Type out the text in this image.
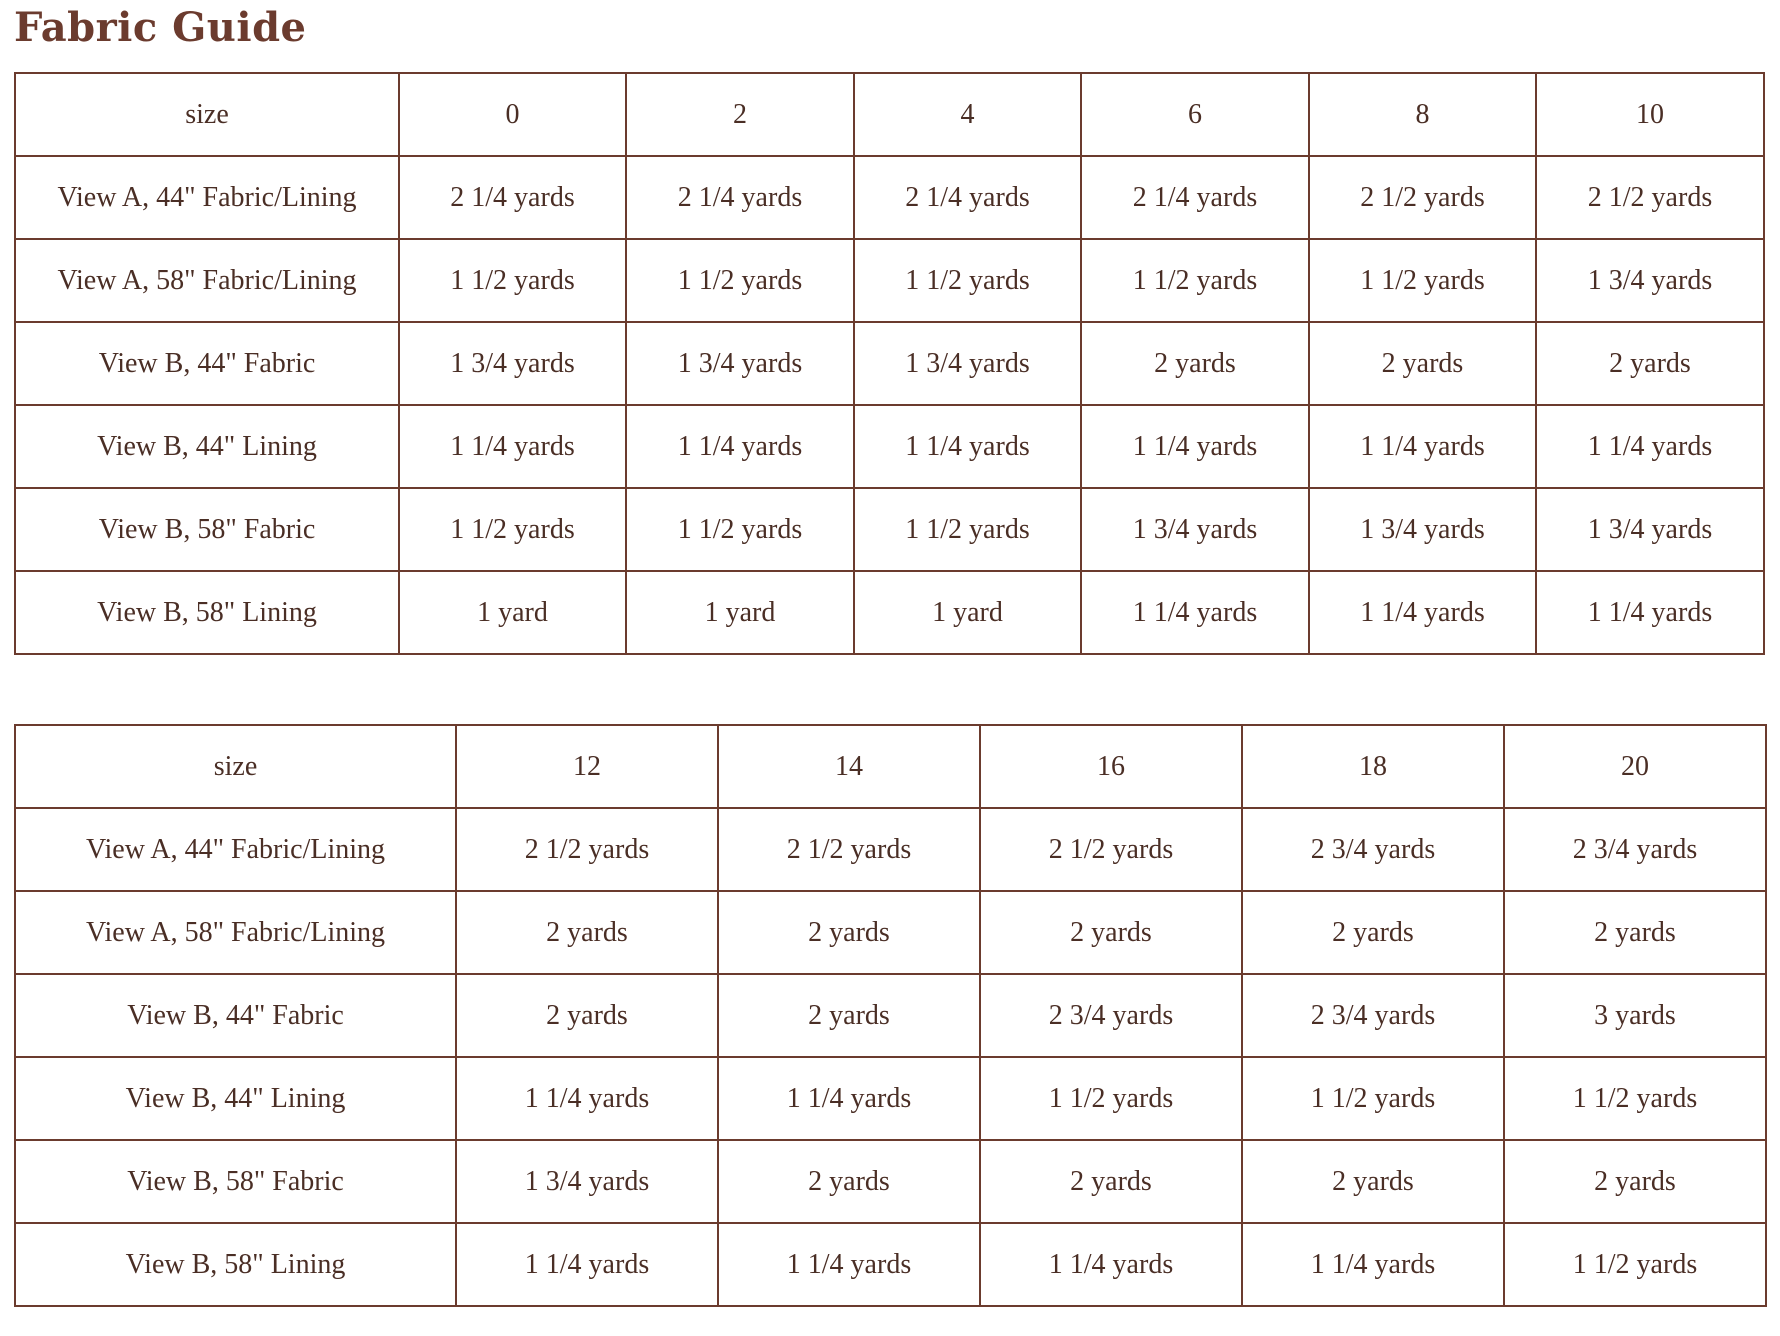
Fabric Guide
size	0	2	4	6	8	10
View A, 44" Fabric/Lining	2 1/4 yards	2 1/4 yards	2 1/4 yards	2 1/4 yards	2 1/2 yards	2 1/2 yards
View A, 58" Fabric/Lining	1 1/2 yards	1 1/2 yards	1 1/2 yards	1 1/2 yards	1 1/2 yards	1 3/4 yards
View B, 44" Fabric	1 3/4 yards	1 3/4 yards	1 3/4 yards	2 yards	2 yards	2 yards
View B, 44" Lining	1 1/4 yards	1 1/4 yards	1 1/4 yards	1 1/4 yards	1 1/4 yards	1 1/4 yards
View B, 58" Fabric	1 1/2 yards	1 1/2 yards	1 1/2 yards	1 3/4 yards	1 3/4 yards	1 3/4 yards
View B, 58" Lining	1 yard	1 yard	1 yard	1 1/4 yards	1 1/4 yards	1 1/4 yards
size	12	14	16	18	20
View A, 44" Fabric/Lining	2 1/2 yards	2 1/2 yards	2 1/2 yards	2 3/4 yards	2 3/4 yards
View A, 58" Fabric/Lining	2 yards	2 yards	2 yards	2 yards	2 yards
View B, 44" Fabric	2 yards	2 yards	2 3/4 yards	2 3/4 yards	3 yards
View B, 44" Lining	1 1/4 yards	1 1/4 yards	1 1/2 yards	1 1/2 yards	1 1/2 yards
View B, 58" Fabric	1 3/4 yards	2 yards	2 yards	2 yards	2 yards
View B, 58" Lining	1 1/4 yards	1 1/4 yards	1 1/4 yards	1 1/4 yards	1 1/2 yards
